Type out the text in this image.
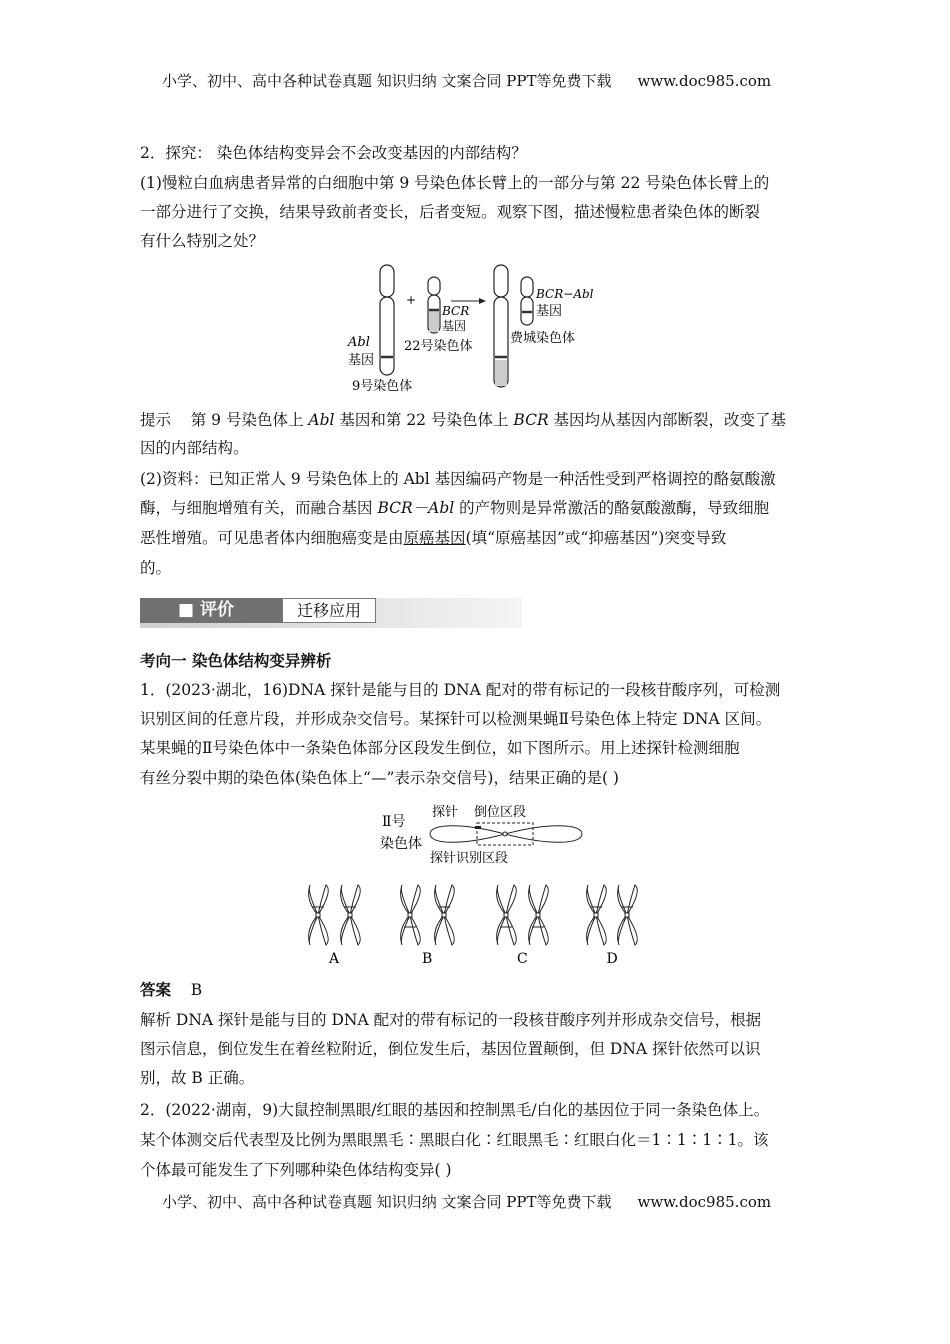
小学、初中、高中各种试卷真题 知识归纳 文案合同 PPT等免费下载 www.doc985.com
2．探究： 染色体结构变异会不会改变基因的内部结构？
(1)慢粒白血病患者异常的白细胞中第 9 号染色体长臂上的一部分与第 22 号染色体长臂上的
一部分进行了交换，结果导致前者变长，后者变短。观察下图，描述慢粒患者染色体的断裂
有什么特别之处？
+
Abl
基因
9号染色体
BCR
基因
22号染色体
BCR−Abl
基因
费城染色体
提示 第 9 号染色体上 Abl 基因和第 22 号染色体上 BCR 基因均从基因内部断裂，改变了基
因的内部结构。
(2)资料：已知正常人 9 号染色体上的 Abl 基因编码产物是一种活性受到严格调控的酪氨酸激
酶，与细胞增殖有关，而融合基因 BCR－Abl 的产物则是异常激活的酪氨酸激酶，导致细胞
恶性增殖。可见患者体内细胞癌变是由原癌基因(填“原癌基因”或“抑癌基因”)突变导致
的。
■ 评价	迁移应用
考向一 染色体结构变异辨析
1．(2023·湖北，16)DNA 探针是能与目的 DNA 配对的带有标记的一段核苷酸序列，可检测
识别区间的任意片段，并形成杂交信号。某探针可以检测果蝇Ⅱ号染色体上特定 DNA 区间。
某果蝇的Ⅱ号染色体中一条染色体部分区段发生倒位，如下图所示。用上述探针检测细胞
有丝分裂中期的染色体(染色体上“—”表示杂交信号)，结果正确的是( )
Ⅱ号
染色体
探针 倒位区段
探针识别区段
A	B	C	D
答案 B
解析 DNA 探针是能与目的 DNA 配对的带有标记的一段核苷酸序列并形成杂交信号，根据
图示信息，倒位发生在着丝粒附近，倒位发生后，基因位置颠倒，但 DNA 探针依然可以识
别，故 B 正确。
2．(2022·湖南，9)大鼠控制黑眼/红眼的基因和控制黑毛/白化的基因位于同一条染色体上。
某个体测交后代表型及比例为黑眼黑毛∶黑眼白化∶红眼黑毛∶红眼白化＝1∶1∶1∶1。该
个体最可能发生了下列哪种染色体结构变异( )
小学、初中、高中各种试卷真题 知识归纳 文案合同 PPT等免费下载 www.doc985.com
